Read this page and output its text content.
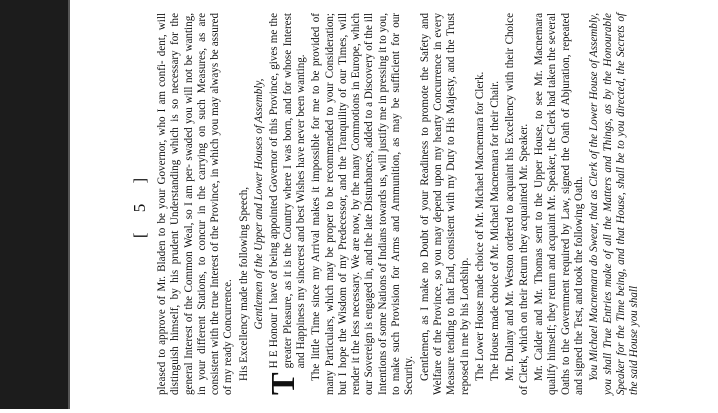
[ 5 ] pleased to approve of Mr. Bladen to be your Governor, who I am confi- dent, will distinguish himself, by his prudent Understanding which is so necessary for the general Interest of the Common Weal, so I am per- swaded you will not be wanting, in your different Stations, to concur in the carrying on such Measures, as are consistent with the true Interest of the Province, in which you may always be assured of my ready Concurrence. His Excellency made the following Speech, Gentlemen of the Upper and Lower Houses of Assembly,

T
H E Honour I have of being appointed Governor of this Province, gives me the greater Pleasure, as it is the Country where I was born, and for whose Interest and Happiness my sincerest and best Wishes have never been wanting. The little Time since my Arrival makes it impossible for me to be provided of many Particulars, which may be proper to be recommended to your Consideration; but I hope the Wisdom of my Predecessor, and the Tranquility of our Times, will render it the less necessary. We are now, by the many Commotions in Europe, which our Sovereign is engaged in, and the late Disturbances, added to a Discovery of the ill Intentions of some Nations of Indians towards us, will justify me in pressing it to you, to make such Provision for Arms and Ammunition, as may be sufficient for our Security. Gentlemen, as I make no Doubt of your Readiness to promote the Safety and Welfare of the Province, so you may depend upon my hearty Concurrence in every Measure tending to that End, consistent with my Duty to His Majesty, and the Trust reposed in me by his Lordship. The Lower House made choice of Mr. Michael Macnemara for Clerk. The House made choice of Mr. Michael Macnemara for their Chair. Mr. Dulany and Mr. Weston ordered to acquaint his Excellency with their Choice of Clerk, which on their Return they acquainted Mr. Speaker. Mr. Calder and Mr. Thomas sent to the Upper House, to see Mr. Macnemara qualify himself; they return and acquaint Mr. Speaker, the Clerk had taken the several Oaths to the Government required by Law, signed the Oath of Abjuration, repeated and signed the Test, and took the following Oath. You Michael Macnemara do Swear, that as Clerk of the Lower House of Assembly, you shall True Entries make of all the Matters and Things, as by the Honourable Speaker for the Time being, and that House, shall be to you directed, the Secrets of the said House you shall
